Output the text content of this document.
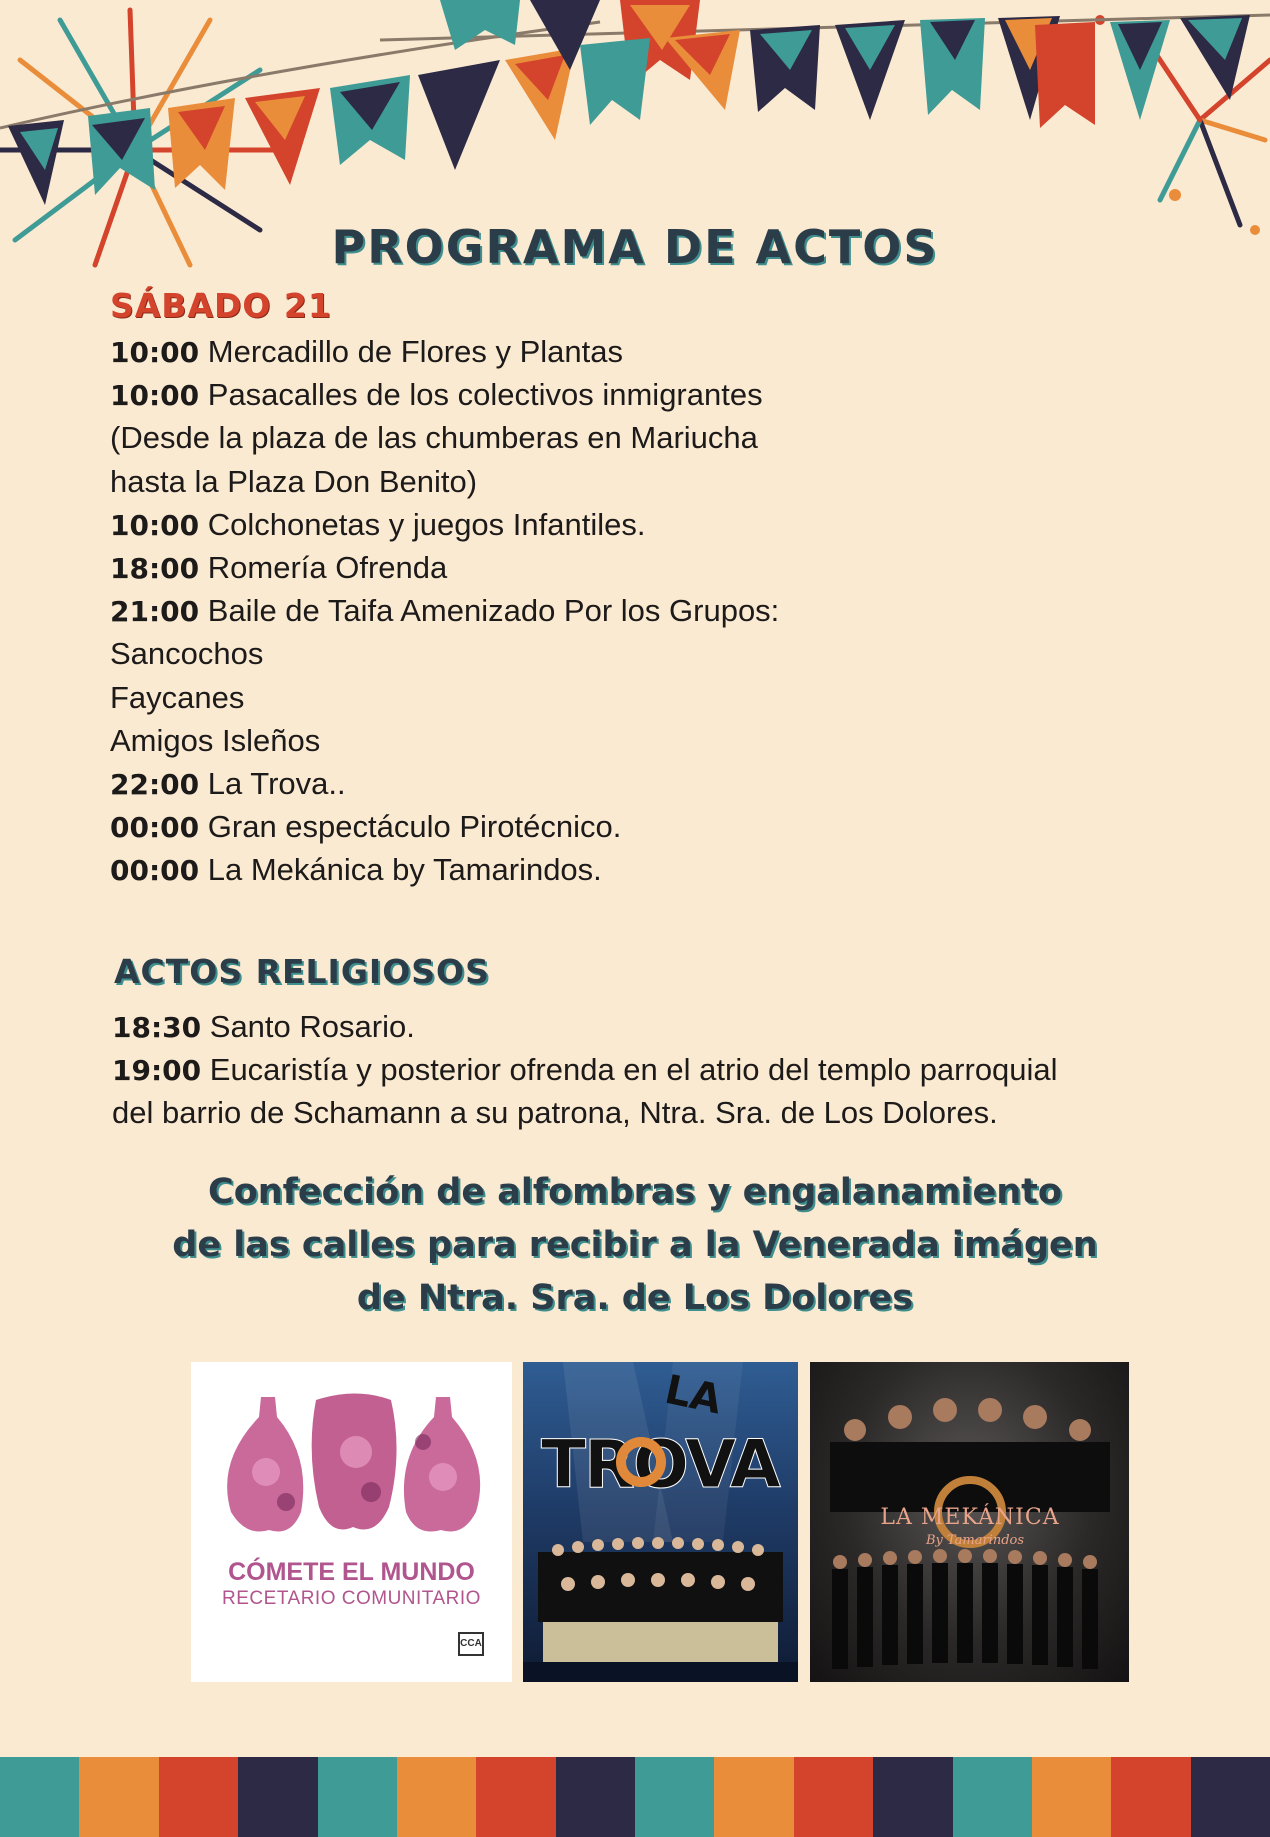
PROGRAMA DE ACTOS
SÁBADO 21
10:00 Mercadillo de Flores y Plantas
10:00 Pasacalles de los colectivos inmigrantes
(Desde la plaza de las chumberas en Mariucha
hasta la Plaza Don Benito)
10:00 Colchonetas y juegos Infantiles.
18:00 Romería Ofrenda
21:00 Baile de Taifa Amenizado Por los Grupos:
Sancochos
Faycanes
Amigos Isleños
22:00 La Trova..
00:00 Gran espectáculo Pirotécnico.
00:00 La Mekánica by Tamarindos.
ACTOS RELIGIOSOS
18:30 Santo Rosario.
19:00 Eucaristía y posterior ofrenda en el atrio del templo parroquial
del barrio de Schamann a su patrona, Ntra. Sra. de Los Dolores.
Confección de alfombras y engalanamiento
de las calles para recibir a la Venerada imágen
de Ntra. Sra. de Los Dolores
CÓMETE EL MUNDO
RECETARIO COMUNITARIO
CCA
LA
TROVA
LA MEKÁNICA
By Tamarindos
